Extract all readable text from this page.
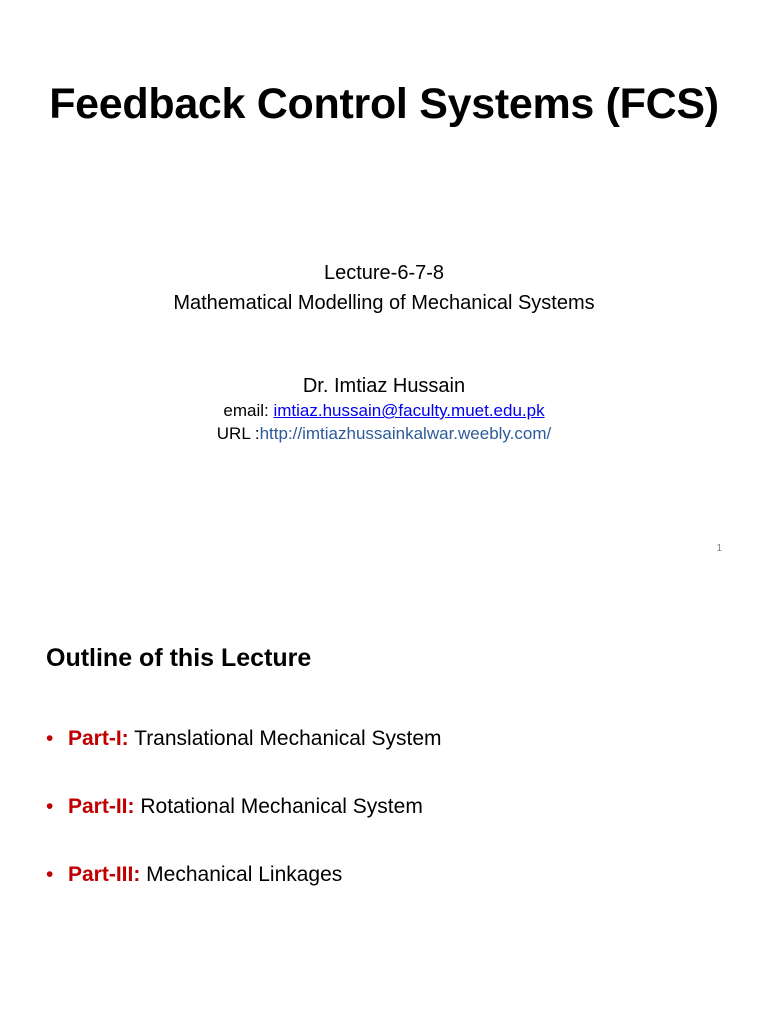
Feedback Control Systems (FCS)
Lecture-6-7-8
Mathematical Modelling of Mechanical Systems
Dr. Imtiaz Hussain
email: imtiaz.hussain@faculty.muet.edu.pk
URL :http://imtiazhussainkalwar.weebly.com/
1
Outline of this Lecture
• Part-I: Translational Mechanical System
• Part-II: Rotational Mechanical System
• Part-III: Mechanical Linkages
